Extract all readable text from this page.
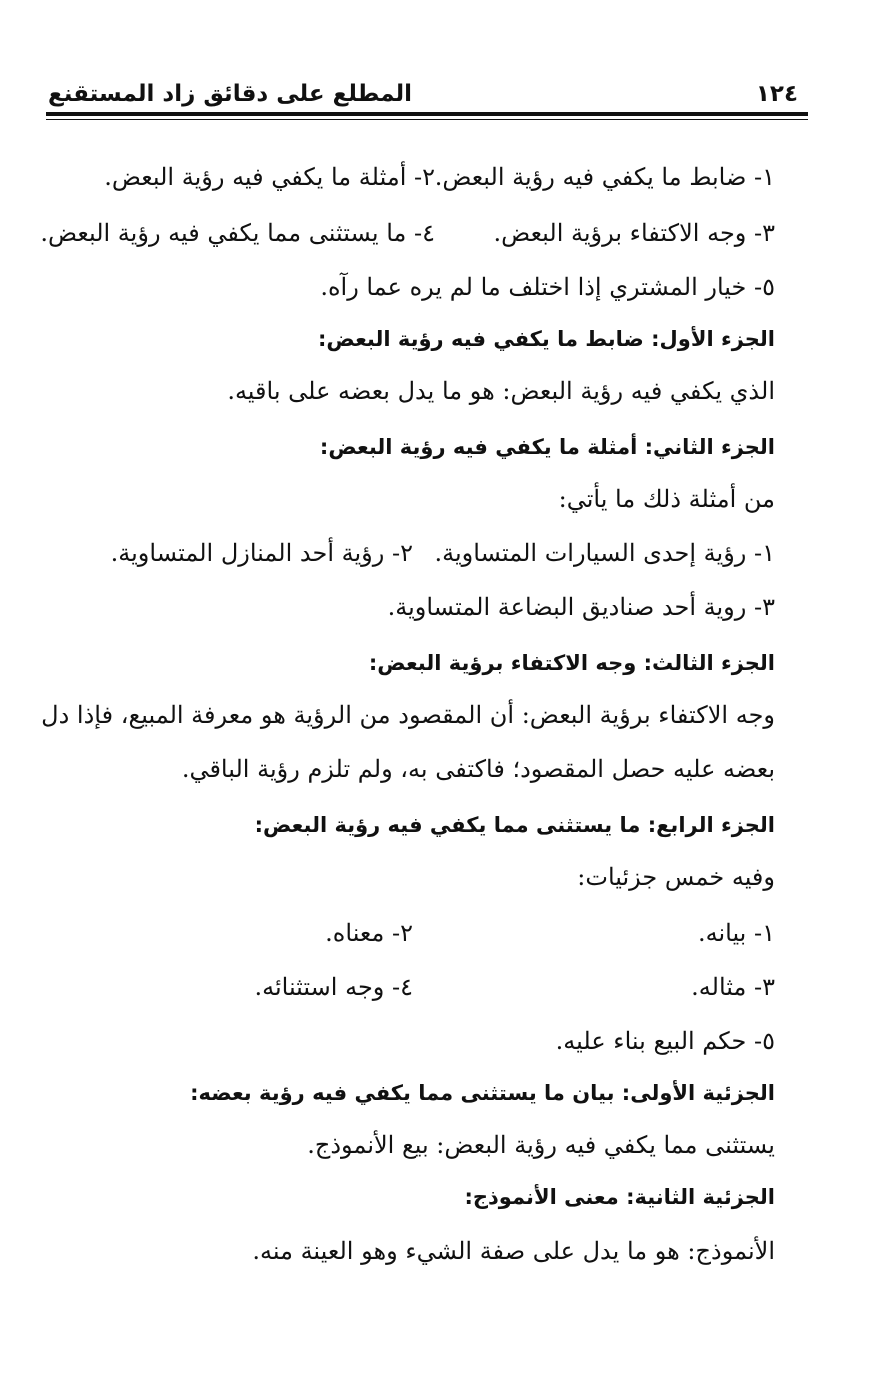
١٢٤
المطلع على دقائق زاد المستقنع
١- ضابط ما يكفي فيه رؤية البعض.
٢- أمثلة ما يكفي فيه رؤية البعض.
٣- وجه الاكتفاء برؤية البعض.
٤- ما يستثنى مما يكفي فيه رؤية البعض.
٥- خيار المشتري إذا اختلف ما لم يره عما رآه.
الجزء الأول: ضابط ما يكفي فيه رؤية البعض:
الذي يكفي فيه رؤية البعض: هو ما يدل بعضه على باقيه.
الجزء الثاني: أمثلة ما يكفي فيه رؤية البعض:
من أمثلة ذلك ما يأتي:
١- رؤية إحدى السيارات المتساوية.
٢- رؤية أحد المنازل المتساوية.
٣- روية أحد صناديق البضاعة المتساوية.
الجزء الثالث: وجه الاكتفاء برؤية البعض:
وجه الاكتفاء برؤية البعض: أن المقصود من الرؤية هو معرفة المبيع، فإذا دل
بعضه عليه حصل المقصود؛ فاكتفى به، ولم تلزم رؤية الباقي.
الجزء الرابع: ما يستثنى مما يكفي فيه رؤية البعض:
وفيه خمس جزئيات:
١- بيانه.
٢- معناه.
٣- مثاله.
٤- وجه استثنائه.
٥- حكم البيع بناء عليه.
الجزئية الأولى: بيان ما يستثنى مما يكفي فيه رؤية بعضه:
يستثنى مما يكفي فيه رؤية البعض: بيع الأنموذج.
الجزئية الثانية: معنى الأنموذج:
الأنموذج: هو ما يدل على صفة الشيء وهو العينة منه.
